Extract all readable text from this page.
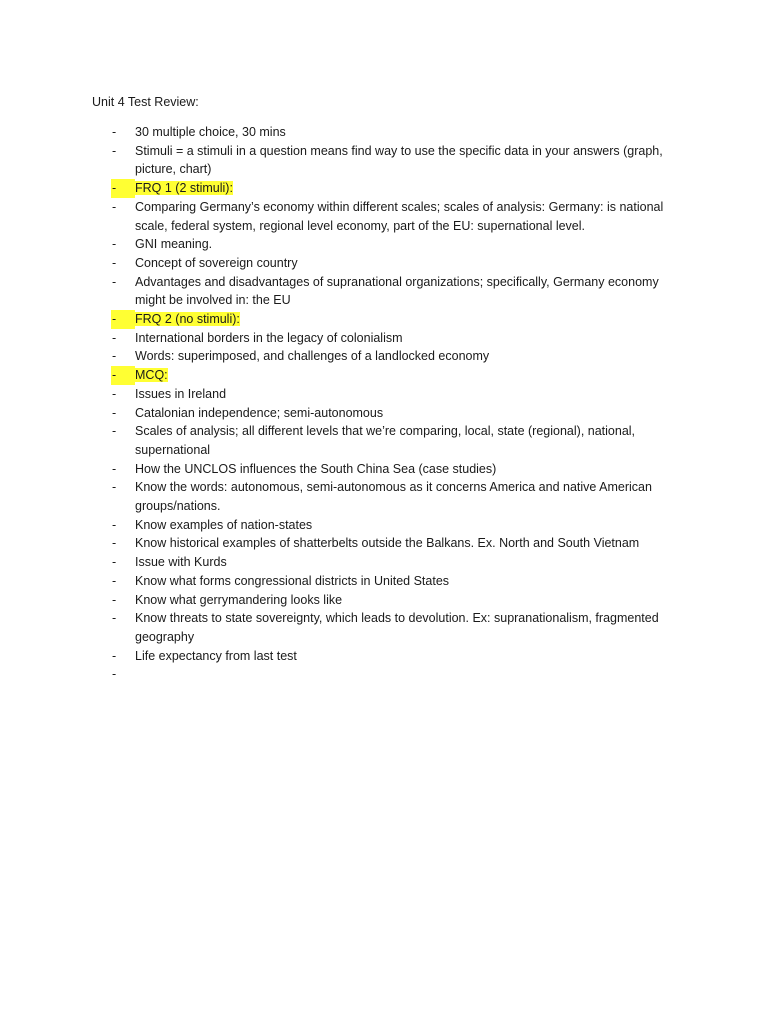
Unit 4 Test Review:
-	30 multiple choice, 30 mins
-	Stimuli = a stimuli in a question means find way to use the specific data in your answers (graph, picture, chart)
-	FRQ 1 (2 stimuli):
-	Comparing Germany’s economy within different scales; scales of analysis: Germany: is national scale, federal system, regional level economy, part of the EU: supernational level.
-	GNI meaning.
-	Concept of sovereign country
-	Advantages and disadvantages of supranational organizations; specifically, Germany economy might be involved in: the EU
-	FRQ 2 (no stimuli):
-	International borders in the legacy of colonialism
-	Words: superimposed, and challenges of a landlocked economy
-	MCQ:
-	Issues in Ireland
-	Catalonian independence; semi-autonomous
-	Scales of analysis; all different levels that we’re comparing, local, state (regional), national, supernational
-	How the UNCLOS influences the South China Sea (case studies)
-	Know the words: autonomous, semi-autonomous as it concerns America and native American groups/nations.
-	Know examples of nation-states
-	Know historical examples of shatterbelts outside the Balkans. Ex. North and South Vietnam
-	Issue with Kurds
-	Know what forms congressional districts in United States
-	Know what gerrymandering looks like
-	Know threats to state sovereignty, which leads to devolution. Ex: supranationalism, fragmented geography
-	Life expectancy from last test
-
